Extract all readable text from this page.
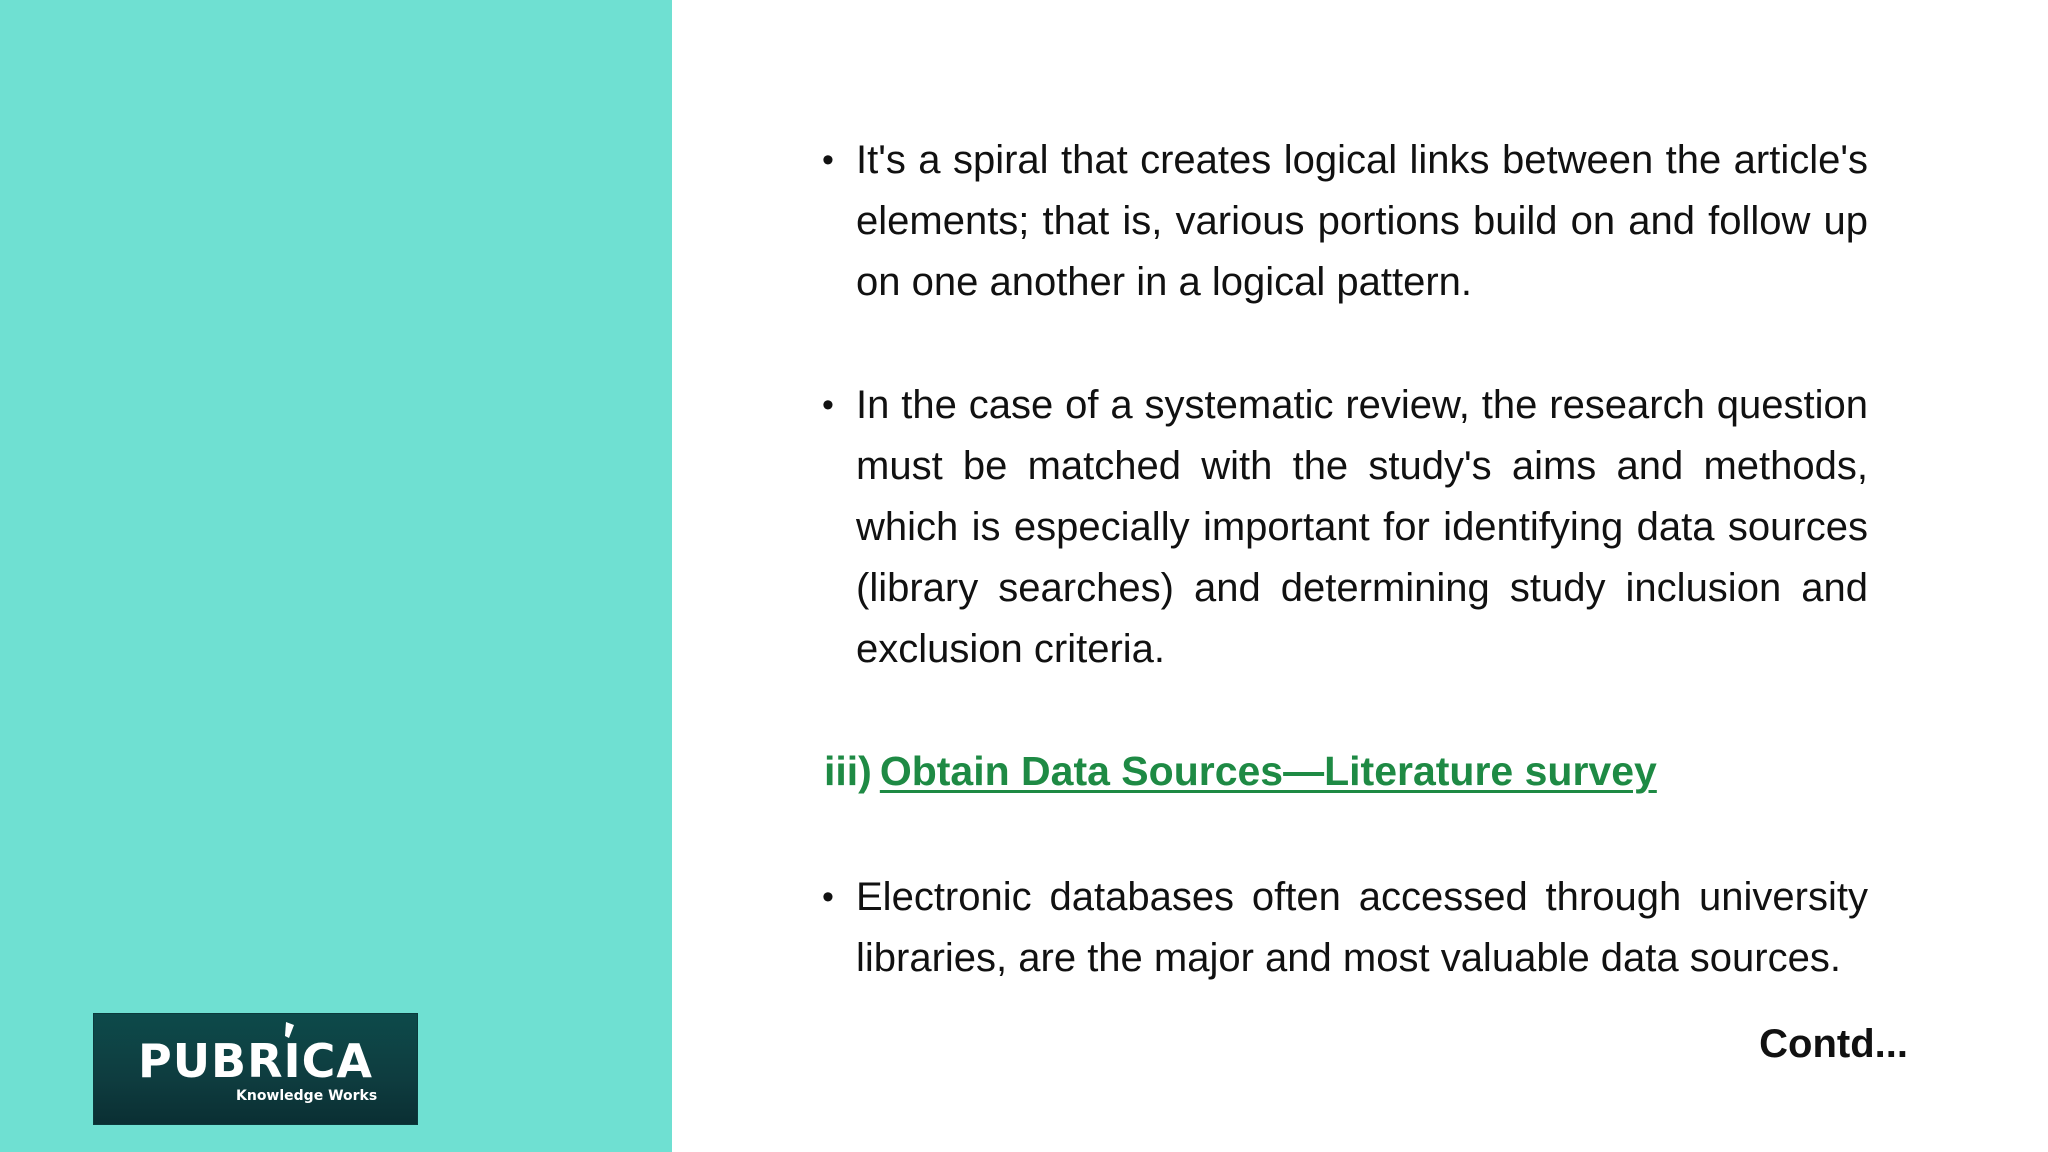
PUBRICA
Knowledge Works
• It's a spiral that creates logical links between the article's elements; that is, various portions build on and follow up on one another in a logical pattern.
• In the case of a systematic review, the research question must be matched with the study's aims and methods, which is especially important for identifying data sources (library searches) and determining study inclusion and exclusion criteria.
iii) Obtain Data Sources—Literature survey
• Electronic databases often accessed through university libraries, are the major and most valuable data sources.
Contd...
